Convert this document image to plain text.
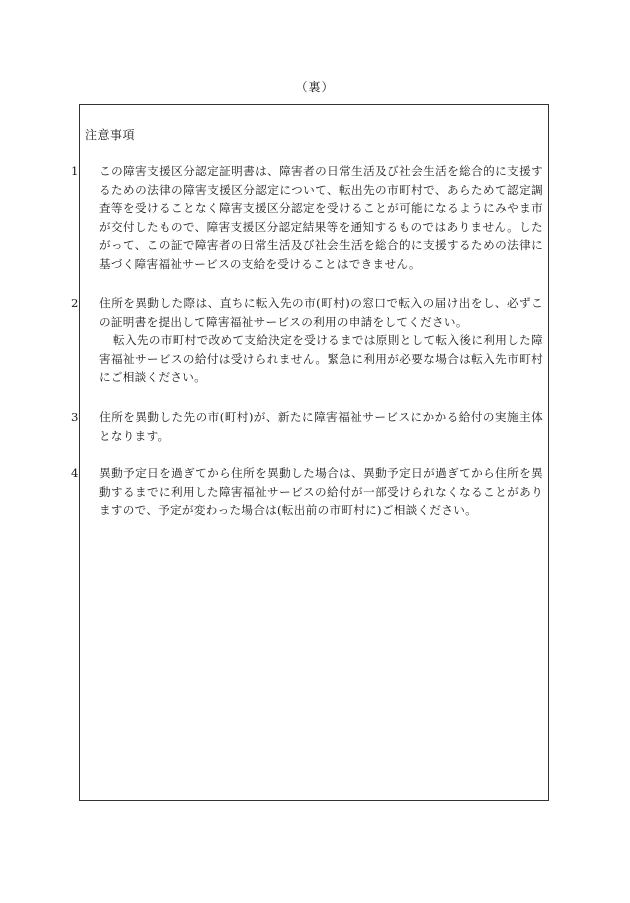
（裏）
注意事項

1 この障害支援区分認定証明書は、障害者の日常生活及び社会生活を総合的に支援するための法律の障害支援区分認定について、転出先の市町村で、あらためて認定調査等を受けることなく障害支援区分認定を受けることが可能になるようにみやま市が交付したもので、障害支援区分認定結果等を通知するものではありません。したがって、この証で障害者の日常生活及び社会生活を総合的に支援するための法律に基づく障害福祉サービスの支給を受けることはできません。

2 住所を異動した際は、直ちに転入先の市(町村)の窓口で転入の届け出をし、必ずこの証明書を提出して障害福祉サービスの利用の申請をしてください。

転入先の市町村で改めて支給決定を受けるまでは原則として転入後に利用した障害福祉サービスの給付は受けられません。緊急に利用が必要な場合は転入先市町村にご相談ください。

3 住所を異動した先の市(町村)が、新たに障害福祉サービスにかかる給付の実施主体となります。

4 異動予定日を過ぎてから住所を異動した場合は、異動予定日が過ぎてから住所を異動するまでに利用した障害福祉サービスの給付が一部受けられなくなることがありますので、予定が変わった場合は(転出前の市町村に)ご相談ください。
